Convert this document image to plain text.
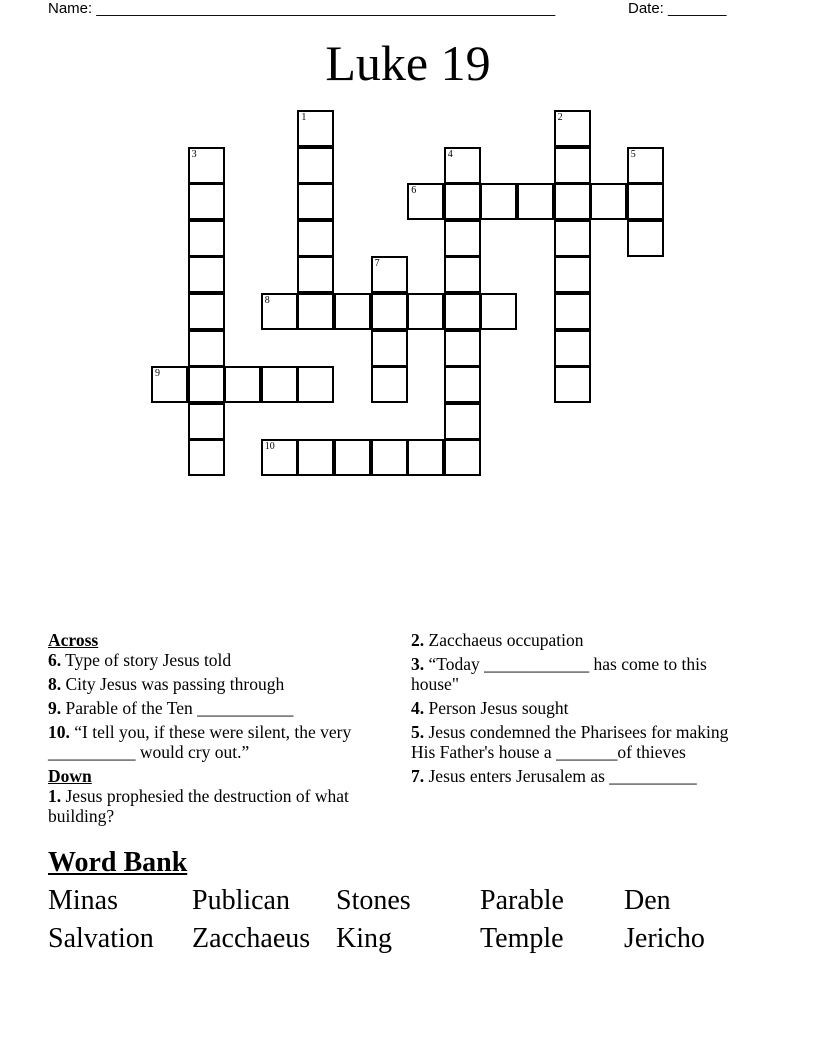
Name: _______________________________________________________	Date: _______
Luke 19
1	2
3	4	5
6
7
8
9
10
Across
6. Type of story Jesus told
8. City Jesus was passing through
9. Parable of the Ten ___________
10. “I tell you, if these were silent, the very __________ would cry out.”
Down
1. Jesus prophesied the destruction of what building?
2. Zacchaeus occupation
3. “Today ____________ has come to this house"
4. Person Jesus sought
5. Jesus condemned the Pharisees for making His Father's house a _______of thieves
7. Jesus enters Jerusalem as __________
Word Bank
Minas	Publican Stones Parable Den
Salvation Zacchaeus King	Temple Jericho
